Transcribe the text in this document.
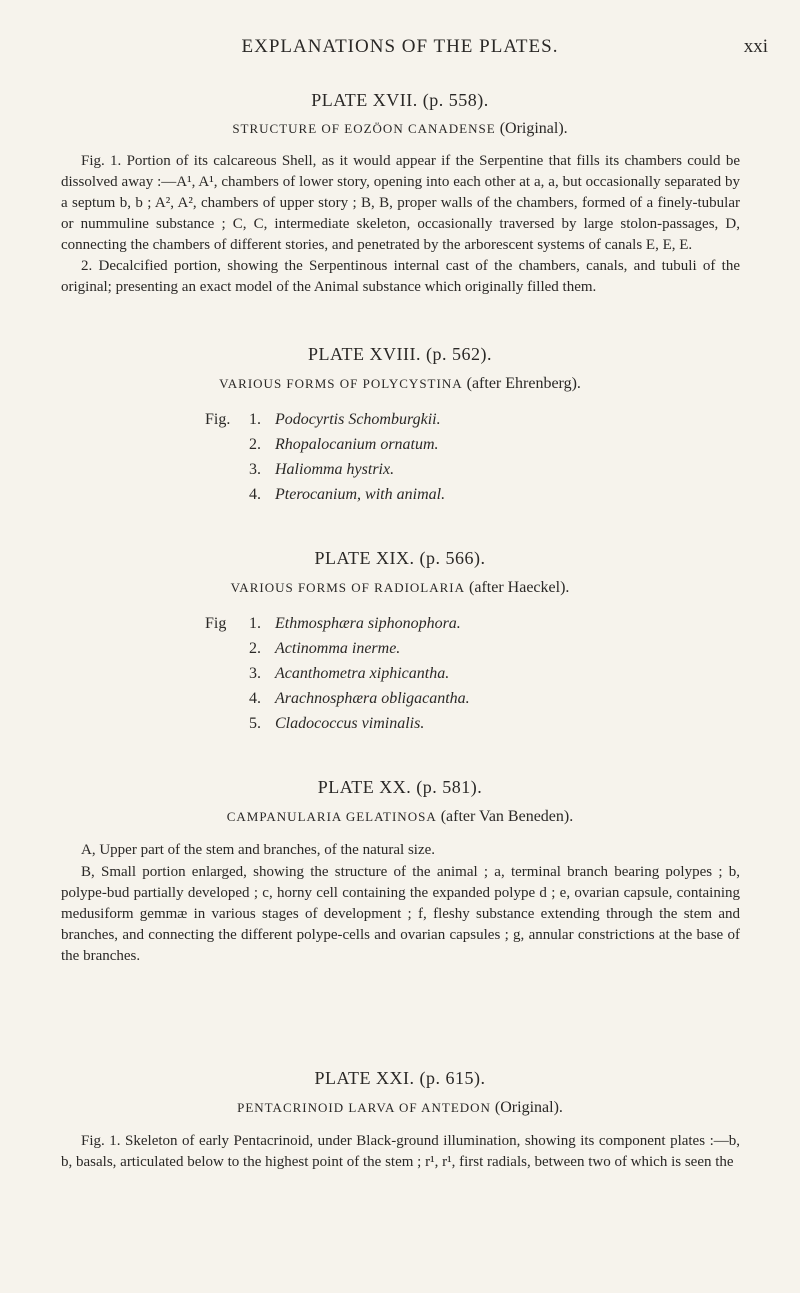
EXPLANATIONS OF THE PLATES.	xxi
PLATE XVII. (p. 558).
STRUCTURE OF EOZÖON CANADENSE (Original).
Fig. 1. Portion of its calcareous Shell, as it would appear if the Serpentine that fills its chambers could be dissolved away :—A¹, A¹, chambers of lower story, opening into each other at a, a, but occasionally separated by a septum b, b ; A², A², chambers of upper story ; B, B, proper walls of the chambers, formed of a finely-tubular or nummuline substance ; C, C, intermediate skeleton, occasionally traversed by large stolon-passages, D, connecting the chambers of different stories, and penetrated by the arborescent systems of canals E, E, E.
2. Decalcified portion, showing the Serpentinous internal cast of the chambers, canals, and tubuli of the original; presenting an exact model of the Animal substance which originally filled them.
PLATE XVIII. (p. 562).
VARIOUS FORMS OF POLYCYSTINA (after Ehrenberg).
Fig.	1. Podocyrtis Schomburgkii.
2. Rhopalocanium ornatum.
3. Haliomma hystrix.
4. Pterocanium, with animal.
PLATE XIX. (p. 566).
VARIOUS FORMS OF RADIOLARIA (after Haeckel).
Fig	1. Ethmosphæra siphonophora.
2. Actinomma inerme.
3. Acanthometra xiphicantha.
4. Arachnosphæra obligacantha.
5. Cladococcus viminalis.
PLATE XX. (p. 581).
CAMPANULARIA GELATINOSA (after Van Beneden).
A, Upper part of the stem and branches, of the natural size.
B, Small portion enlarged, showing the structure of the animal ; a, terminal branch bearing polypes ; b, polype-bud partially developed ; c, horny cell containing the expanded polype d ; e, ovarian capsule, containing medusiform gemmæ in various stages of development ; f, fleshy substance extending through the stem and branches, and connecting the different polype-cells and ovarian capsules ; g, annular constrictions at the base of the branches.
PLATE XXI. (p. 615).
PENTACRINOID LARVA OF ANTEDON (Original).
Fig. 1. Skeleton of early Pentacrinoid, under Black-ground illumination, showing its component plates :—b, b, basals, articulated below to the highest point of the stem ; r¹, r¹, first radials, between two of which is seen the
